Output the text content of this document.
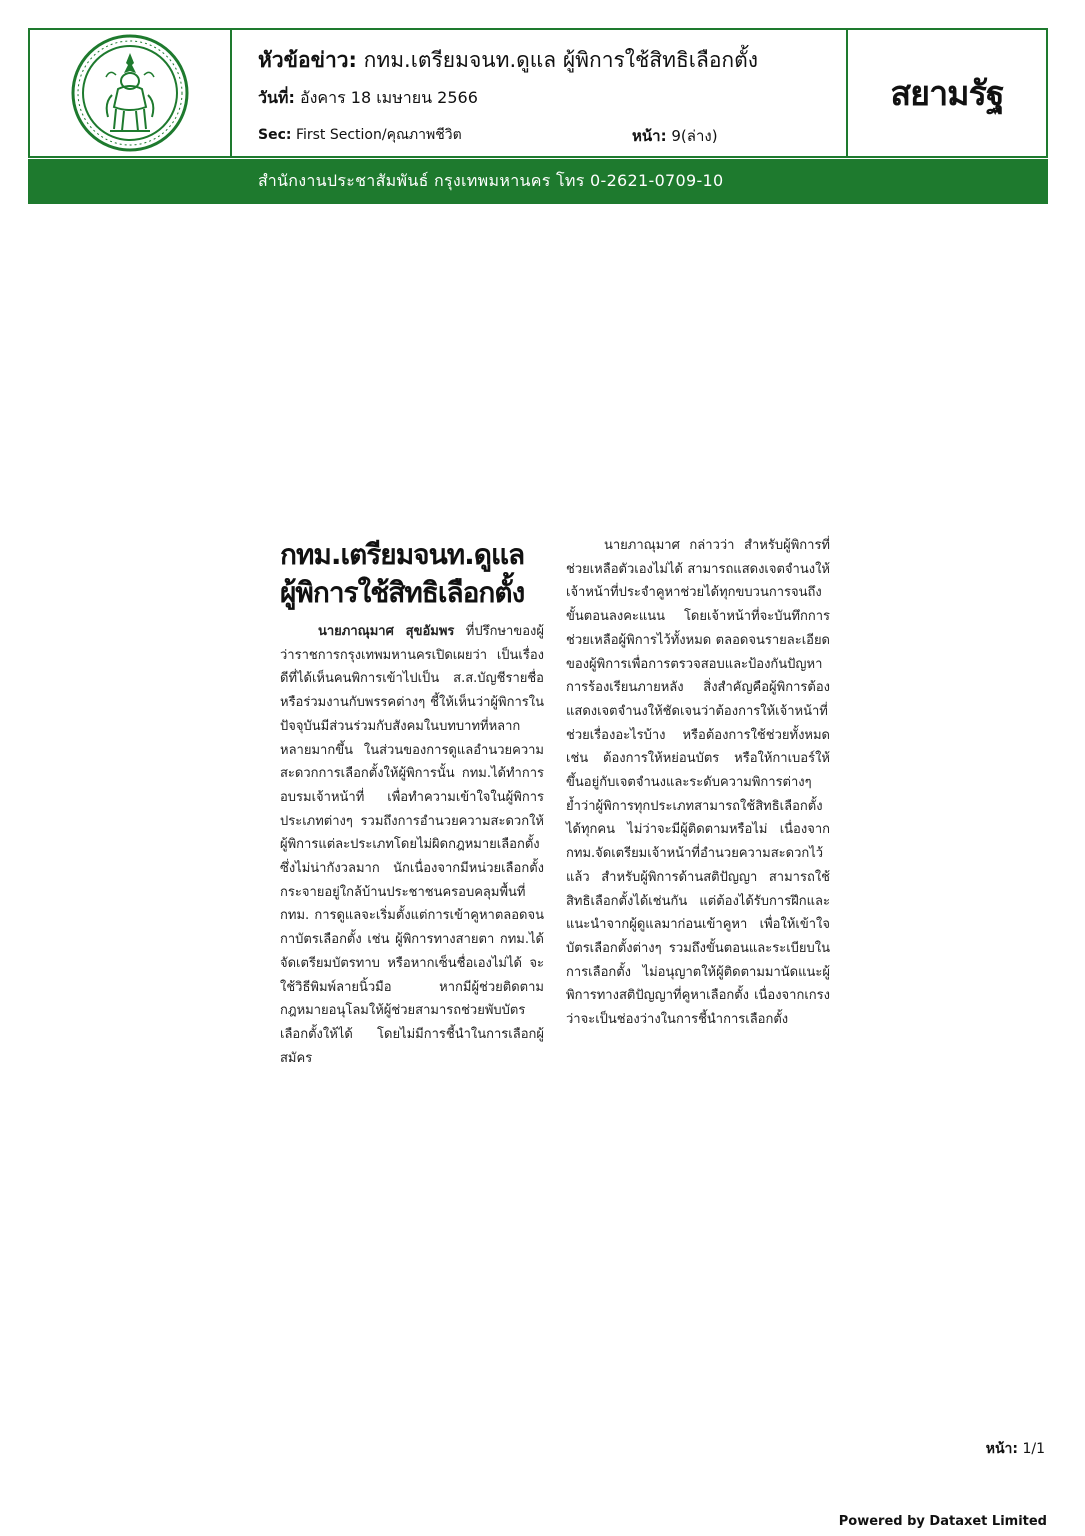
หัวข้อข่าว: กทม.เตรียมจนท.ดูแล ผู้พิการใช้สิทธิเลือกตั้ง
วันที่: อังคาร 18 เมษายน 2566
Sec: First Section/คุณภาพชีวิต	หน้า: 9(ล่าง)
สยามรัฐ
สำนักงานประชาสัมพันธ์ กรุงเทพมหานคร โทร 0-2621-0709-10
กทม.เตรียมจนท.ดูแล
ผู้พิการใช้สิทธิเลือกตั้ง

นายภาณุมาศ สุขอัมพร ที่ปรึกษาของผู้ว่าราชการกรุงเทพมหานครเปิดเผยว่า เป็นเรื่องดีที่ได้เห็นคนพิการเข้าไปเป็น ส.ส.บัญชีรายชื่อ หรือร่วมงานกับพรรคต่างๆ ชี้ให้เห็นว่าผู้พิการในปัจจุบันมีส่วนร่วมกับสังคมในบทบาทที่หลากหลายมากขึ้น ในส่วนของการดูแลอำนวยความสะดวกการเลือกตั้งให้ผู้พิการนั้น กทม.ได้ทำการอบรมเจ้าหน้าที่ เพื่อทำความเข้าใจในผู้พิการประเภทต่างๆ รวมถึงการอำนวยความสะดวกให้ผู้พิการแต่ละประเภทโดยไม่ผิดกฎหมายเลือกตั้ง ซึ่งไม่น่ากังวลมาก นักเนื่องจากมีหน่วยเลือกตั้งกระจายอยู่ใกล้บ้านประชาชนครอบคลุมพื้นที่ กทม. การดูแลจะเริ่มตั้งแต่การเข้าคูหาตลอดจนกาบัตรเลือกตั้ง เช่น ผู้พิการทางสายตา กทม.ได้จัดเตรียมบัตรทาบ หรือหากเซ็นชื่อเองไม่ได้ จะใช้วิธีพิมพ์ลายนิ้วมือ หากมีผู้ช่วยติดตาม กฎหมายอนุโลมให้ผู้ช่วยสามารถช่วยพับบัตรเลือกตั้งให้ได้ โดยไม่มีการชี้นำในการเลือกผู้สมัคร

นายภาณุมาศ กล่าวว่า สำหรับผู้พิการที่ช่วยเหลือตัวเองไม่ได้ สามารถแสดงเจตจำนงให้เจ้าหน้าที่ประจำคูหาช่วยได้ทุกขบวนการจนถึงขั้นตอนลงคะแนน โดยเจ้าหน้าที่จะบันทึกการช่วยเหลือผู้พิการไว้ทั้งหมด ตลอดจนรายละเอียดของผู้พิการเพื่อการตรวจสอบและป้องกันปัญหาการร้องเรียนภายหลัง สิ่งสำคัญคือผู้พิการต้องแสดงเจตจำนงให้ชัดเจนว่าต้องการให้เจ้าหน้าที่ช่วยเรื่องอะไรบ้าง หรือต้องการใช้ช่วยทั้งหมด เช่น ต้องการให้หย่อนบัตร หรือให้กาเบอร์ให้ ขึ้นอยู่กับเจตจำนงและระดับความพิการต่างๆ ย้ำว่าผู้พิการทุกประเภทสามารถใช้สิทธิเลือกตั้งได้ทุกคน ไม่ว่าจะมีผู้ติดตามหรือไม่ เนื่องจาก กทม.จัดเตรียมเจ้าหน้าที่อำนวยความสะดวกไว้แล้ว สำหรับผู้พิการด้านสติปัญญา สามารถใช้สิทธิเลือกตั้งได้เช่นกัน แต่ต้องได้รับการฝึกและแนะนำจากผู้ดูแลมาก่อนเข้าคูหา เพื่อให้เข้าใจบัตรเลือกตั้งต่างๆ รวมถึงขั้นตอนและระเบียบในการเลือกตั้ง ไม่อนุญาตให้ผู้ติดตามมานัดแนะผู้พิการทางสติปัญญาที่คูหาเลือกตั้ง เนื่องจากเกรงว่าจะเป็นช่องว่างในการชี้นำการเลือกตั้ง

หน้า: 1/1
Powered by Dataxet Limited
